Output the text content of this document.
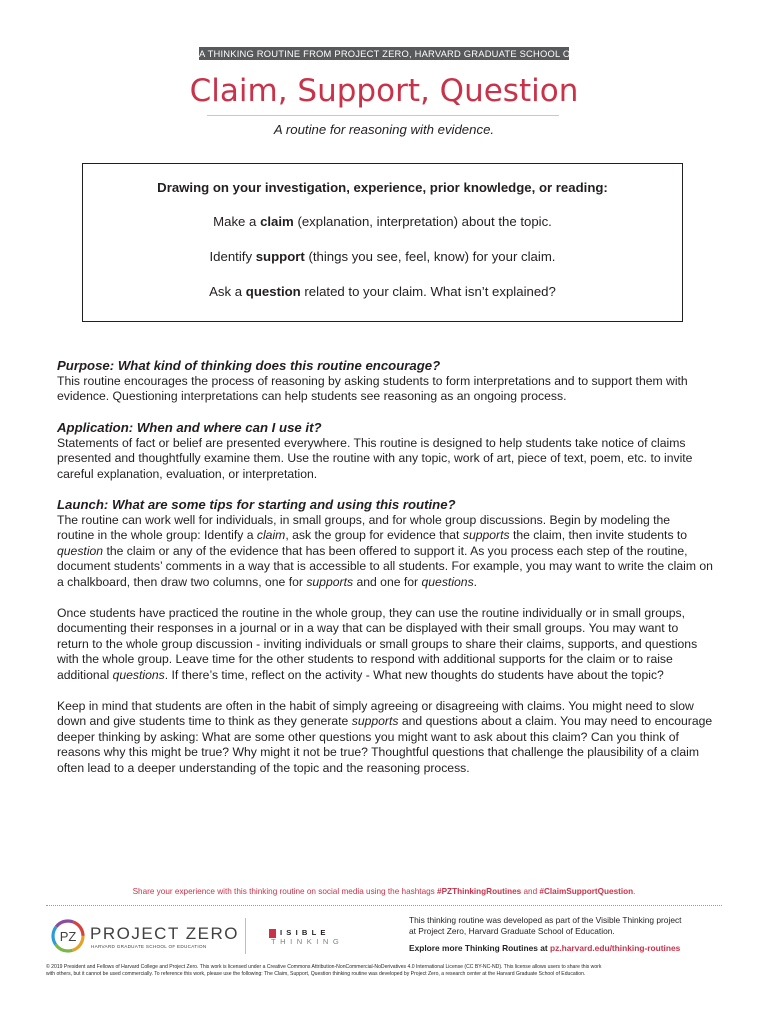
A THINKING ROUTINE FROM PROJECT ZERO, HARVARD GRADUATE SCHOOL OF EDUCATION
Claim, Support, Question
A routine for reasoning with evidence.
Drawing on your investigation, experience, prior knowledge, or reading:
Make a claim (explanation, interpretation) about the topic.
Identify support (things you see, feel, know) for your claim.
Ask a question related to your claim. What isn’t explained?
Purpose: What kind of thinking does this routine encourage?
This routine encourages the process of reasoning by asking students to form interpretations and to support them with
evidence. Questioning interpretations can help students see reasoning as an ongoing process.
Application: When and where can I use it?
Statements of fact or belief are presented everywhere. This routine is designed to help students take notice of claims
presented and thoughtfully examine them. Use the routine with any topic, work of art, piece of text, poem, etc. to invite
careful explanation, evaluation, or interpretation.
Launch: What are some tips for starting and using this routine?
The routine can work well for individuals, in small groups, and for whole group discussions. Begin by modeling the
routine in the whole group: Identify a claim, ask the group for evidence that supports the claim, then invite students to
question the claim or any of the evidence that has been offered to support it. As you process each step of the routine,
document students’ comments in a way that is accessible to all students. For example, you may want to write the claim on
a chalkboard, then draw two columns, one for supports and one for questions.
Once students have practiced the routine in the whole group, they can use the routine individually or in small groups,
documenting their responses in a journal or in a way that can be displayed with their small groups. You may want to
return to the whole group discussion - inviting individuals or small groups to share their claims, supports, and questions
with the whole group. Leave time for the other students to respond with additional supports for the claim or to raise
additional questions. If there’s time, reflect on the activity - What new thoughts do students have about the topic?
Keep in mind that students are often in the habit of simply agreeing or disagreeing with claims. You might need to slow
down and give students time to think as they generate supports and questions about a claim. You may need to encourage
deeper thinking by asking: What are some other questions you might want to ask about this claim? Can you think of
reasons why this might be true? Why might it not be true? Thoughtful questions that challenge the plausibility of a claim
often lead to a deeper understanding of the topic and the reasoning process.
Share your experience with this thinking routine on social media using the hashtags #PZThinkingRoutines and #ClaimSupportQuestion.
PZ PROJECT ZERO
HARVARD GRADUATE SCHOOL OF EDUCATION
ISIBLE
THINKING
This thinking routine was developed as part of the Visible Thinking project
at Project Zero, Harvard Graduate School of Education.
Explore more Thinking Routines at pz.harvard.edu/thinking-routines
© 2019 President and Fellows of Harvard College and Project Zero. This work is licensed under a Creative Commons Attribution-NonCommercial-NoDerivatives 4.0 International License (CC BY-NC-ND). This license allows users to share this work
with others, but it cannot be used commercially. To reference this work, please use the following: The Claim, Support, Question thinking routine was developed by Project Zero, a research center at the Harvard Graduate School of Education.
